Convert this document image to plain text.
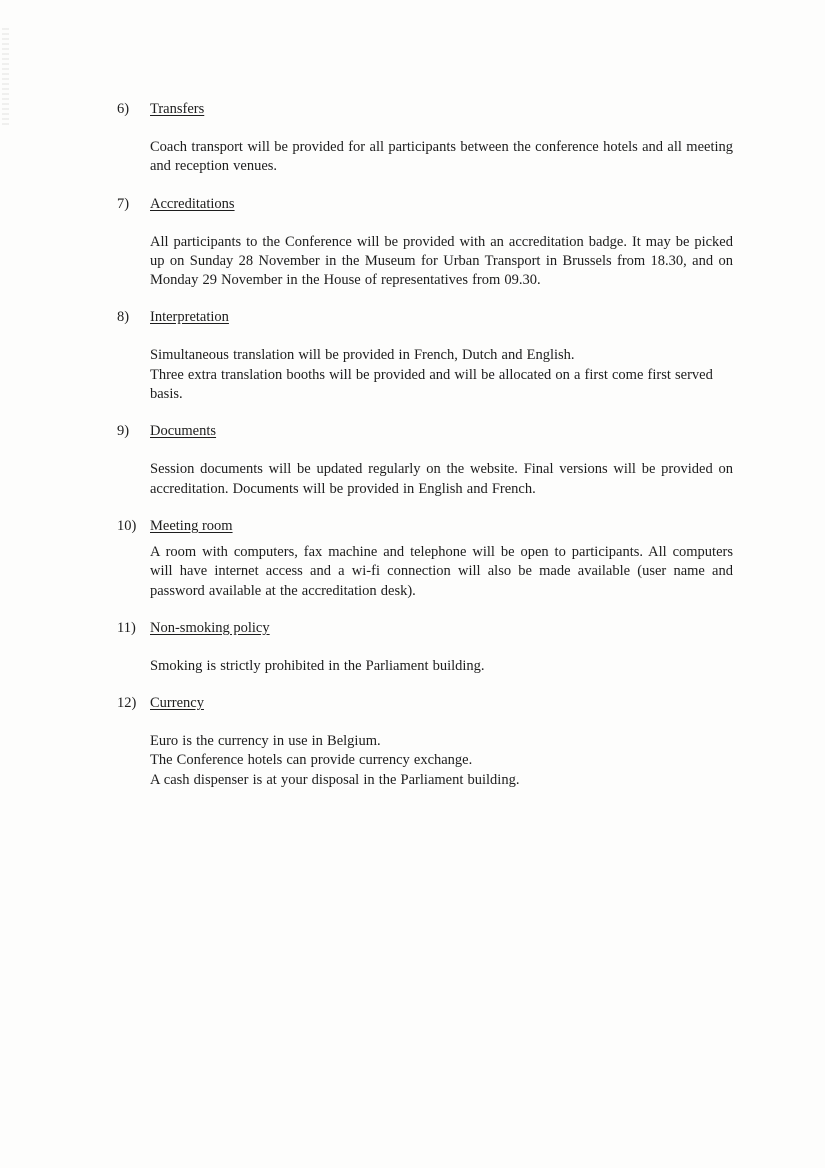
6)	Transfers

Coach transport will be provided for all participants between the conference hotels and all meeting and reception venues.

7)	Accreditations

All participants to the Conference will be provided with an accreditation badge. It may be picked up on Sunday 28 November in the Museum for Urban Transport in Brussels from 18.30, and on Monday 29 November in the House of representatives from 09.30.

8)	Interpretation

Simultaneous translation will be provided in French, Dutch and English.

Three extra translation booths will be provided and will be allocated on a first come first served basis.

9)	Documents

Session documents will be updated regularly on the website. Final versions will be provided on accreditation. Documents will be provided in English and French.

10) Meeting room

A room with computers, fax machine and telephone will be open to participants. All computers will have internet access and a wi-fi connection will also be made available (user name and password available at the accreditation desk).

11) Non-smoking policy

Smoking is strictly prohibited in the Parliament building.

12) Currency

Euro is the currency in use in Belgium.

The Conference hotels can provide currency exchange.

A cash dispenser is at your disposal in the Parliament building.
